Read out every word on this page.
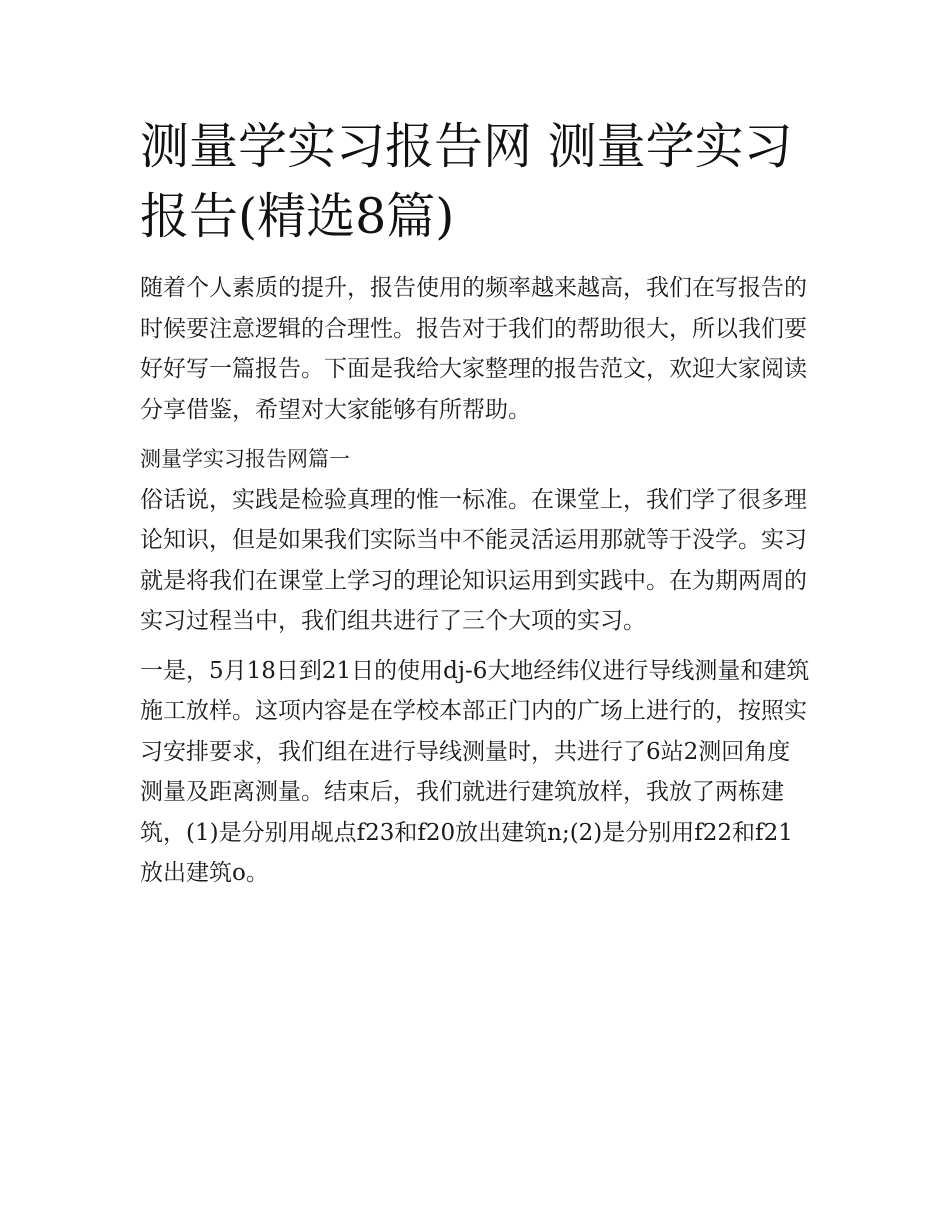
测量学实习报告网 测量学实习报告(精选8篇)

随着个人素质的提升，报告使用的频率越来越高，我们在写报告的时候要注意逻辑的合理性。报告对于我们的帮助很大，所以我们要好好写一篇报告。下面是我给大家整理的报告范文，欢迎大家阅读分享借鉴，希望对大家能够有所帮助。

测量学实习报告网篇一

俗话说，实践是检验真理的惟一标准。在课堂上，我们学了很多理论知识，但是如果我们实际当中不能灵活运用那就等于没学。实习就是将我们在课堂上学习的理论知识运用到实践中。在为期两周的实习过程当中，我们组共进行了三个大项的实习。

一是，5月18日到21日的使用dj-6大地经纬仪进行导线测量和建筑施工放样。这项内容是在学校本部正门内的广场上进行的，按照实习安排要求，我们组在进行导线测量时，共进行了6站2测回角度测量及距离测量。结束后，我们就进行建筑放样，我放了两栋建筑，(1)是分别用觇点f23和f20放出建筑n;(2)是分别用f22和f21放出建筑o。
